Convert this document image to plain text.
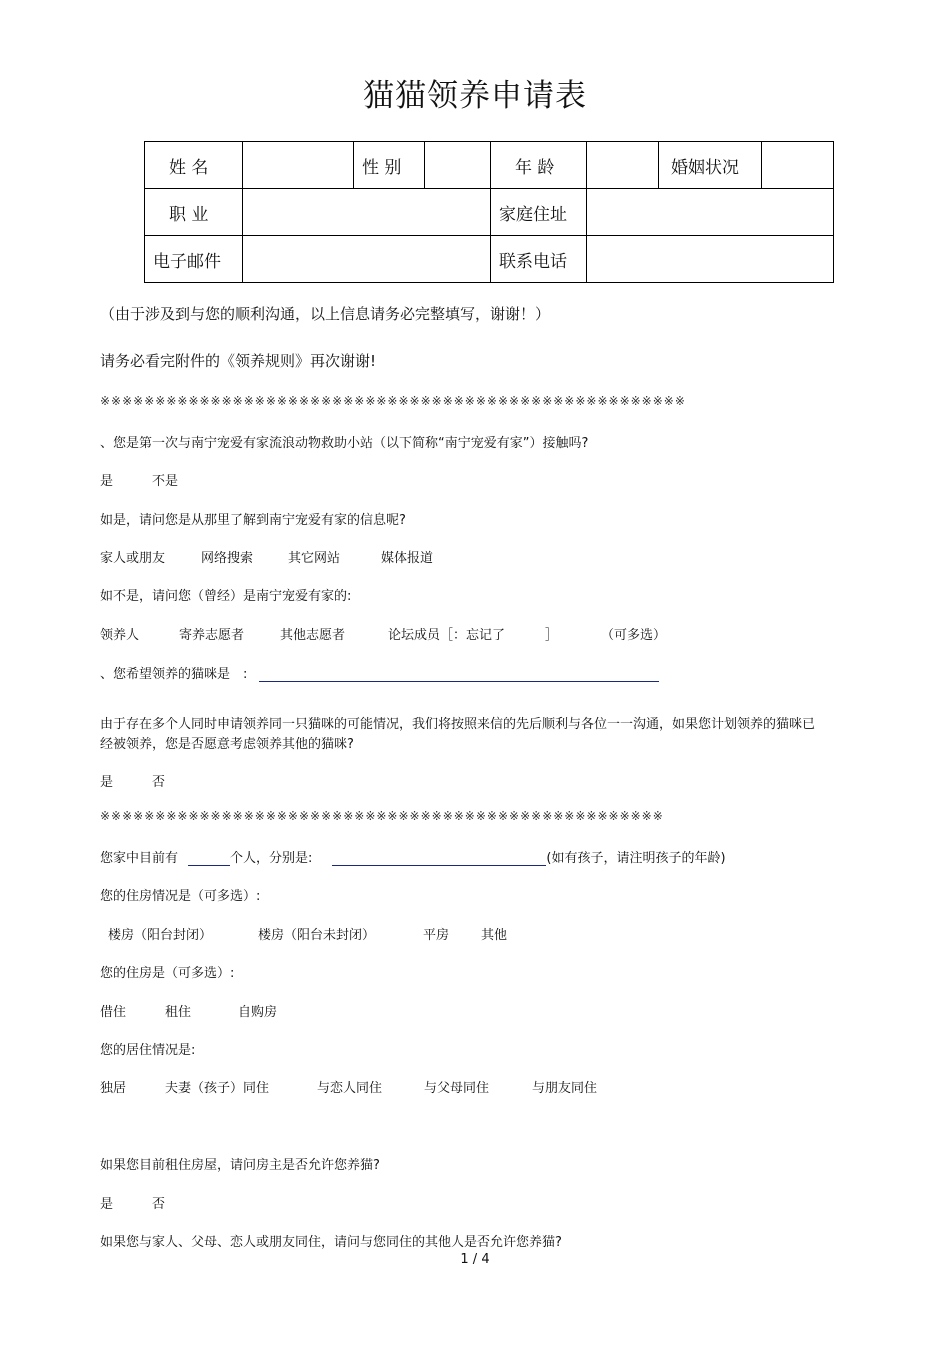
猫猫领养申请表
姓 名		性 别		年 龄		婚姻状况	
职 业				家庭住址			
电子邮件				联系电话			
（由于涉及到与您的顺利沟通，以上信息请务必完整填写，谢谢！）
请务必看完附件的《领养规则》再次谢谢!
※※※※※※※※※※※※※※※※※※※※※※※※※※※※※※※※※※※※※※※※※※※※※※※※※※※※※
、您是第一次与南宁宠爱有家流浪动物救助小站（以下简称“南宁宠爱有家”）接触吗?
是	不是
如是，请问您是从那里了解到南宁宠爱有家的信息呢?
家人或朋友	网络搜索	其它网站	媒体报道
如不是，请问您（曾经）是南宁宠爱有家的:
领养人	寄养志愿者	其他志愿者	论坛成员［：忘记了	］	（可多选）
、您希望领养的猫咪是　:
由于存在多个人同时申请领养同一只猫咪的可能情况，我们将按照来信的先后顺利与各位一一沟通，如果您计划领养的猫咪已经被领养，您是否愿意考虑领养其他的猫咪?
是	否
※※※※※※※※※※※※※※※※※※※※※※※※※※※※※※※※※※※※※※※※※※※※※※※※※※※
您家中目前有	个人，分别是:	(如有孩子，请注明孩子的年龄)
您的住房情况是（可多选）:
楼房（阳台封闭）	楼房（阳台未封闭）	平房 其他
您的住房是（可多选）:
借住	租住	自购房
您的居住情况是:
独居	夫妻（孩子）同住	与恋人同住	与父母同住	与朋友同住
如果您目前租住房屋，请问房主是否允许您养猫?
是	否
如果您与家人、父母、恋人或朋友同住，请问与您同住的其他人是否允许您养猫?
1 / 4
